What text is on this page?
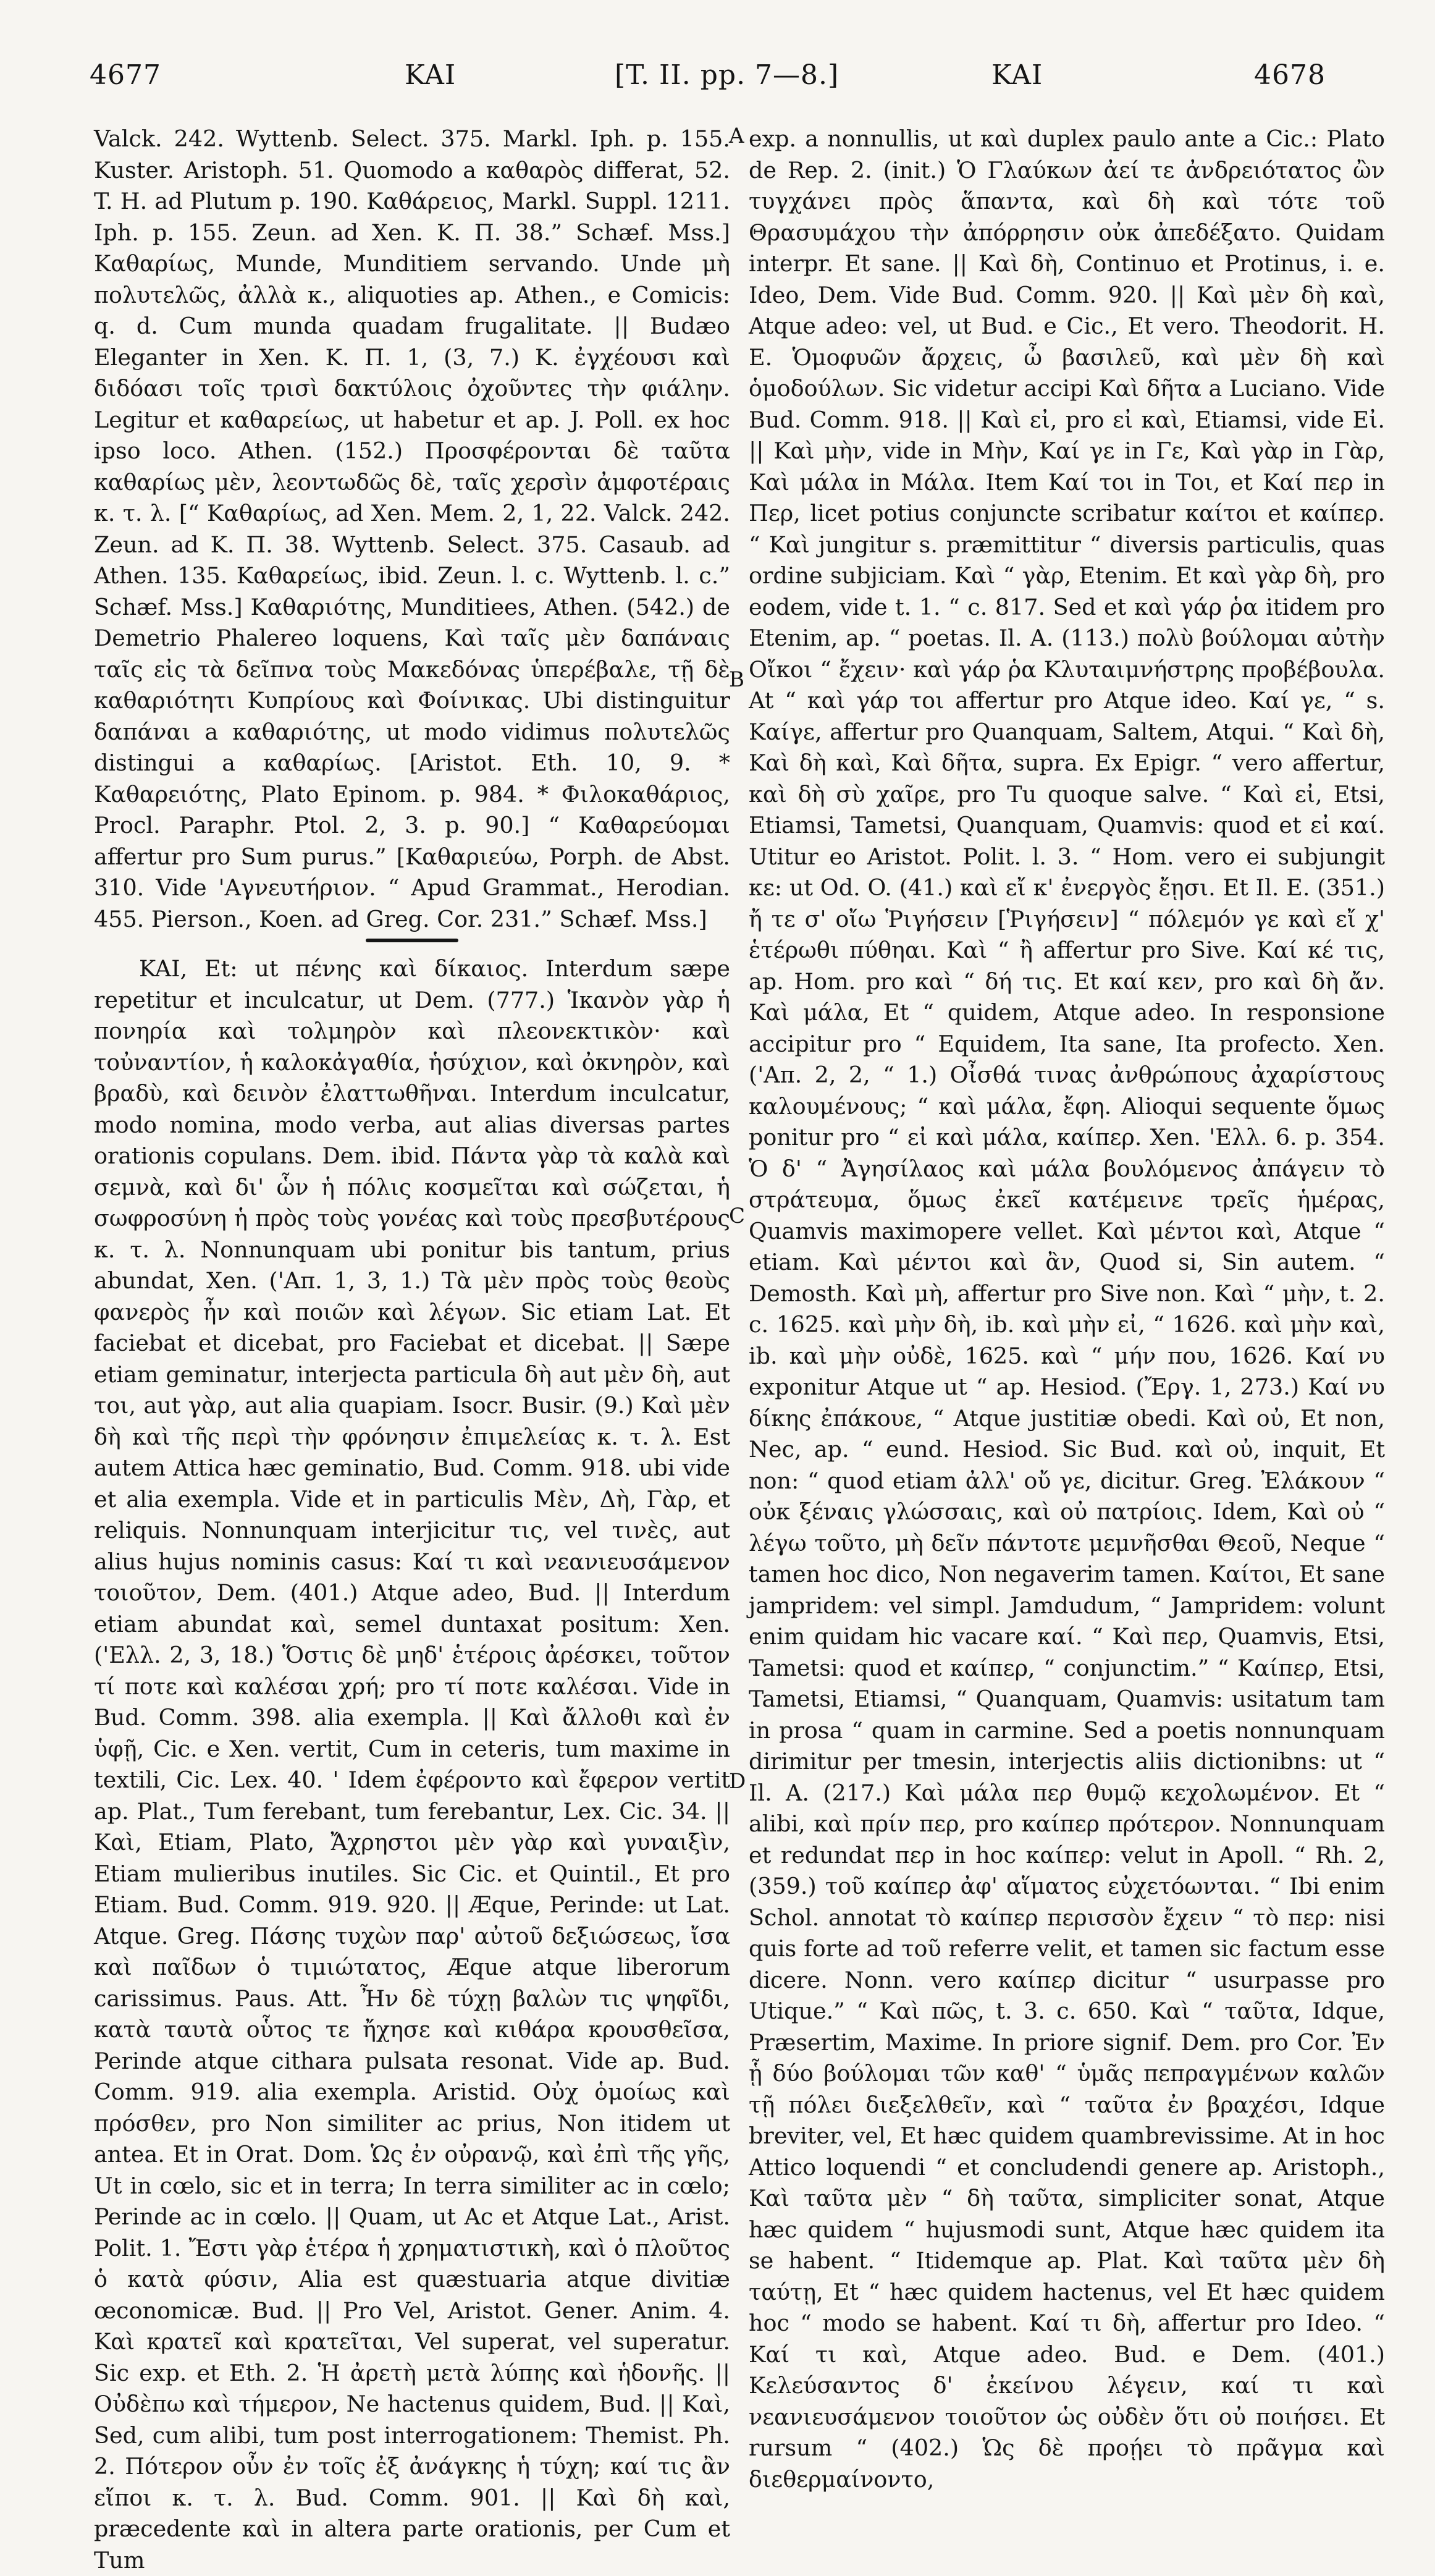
4677	KAI	[T. II. pp. 7—8.]	KAI	4678

Valck. 242. Wyttenb. Select. 375. Markl. Iph. p. 155. Kuster. Aristoph. 51. Quomodo a καθαρὸς differat, 52. T. H. ad Plutum p. 190. Καθάρειος, Markl. Suppl. 1211. Iph. p. 155. Zeun. ad Xen. K. Π. 38.” Schæf. Mss.] Καθαρίως, Munde, Munditiem servando. Unde μὴ πολυτελῶς, ἀλλὰ κ., aliquoties ap. Athen., e Comicis: q. d. Cum munda quadam frugalitate. || Budæo Eleganter in Xen. K. Π. 1, (3, 7.) K. ἐγχέουσι καὶ διδόασι τοῖς τρισὶ δακτύλοις ὀχοῦντες τὴν φιάλην. Legitur et καθαρείως, ut habetur et ap. J. Poll. ex hoc ipso loco. Athen. (152.) Προσφέρονται δὲ ταῦτα καθαρίως μὲν, λεοντωδῶς δὲ, ταῖς χερσὶν ἀμφοτέραις κ. τ. λ. [“ Καθαρίως, ad Xen. Mem. 2, 1, 22. Valck. 242. Zeun. ad K. Π. 38. Wyttenb. Select. 375. Casaub. ad Athen. 135. Καθαρείως, ibid. Zeun. l. c. Wyttenb. l. c.” Schæf. Mss.] Καθαριότης, Munditiees, Athen. (542.) de Demetrio Phalereo loquens, Καὶ ταῖς μὲν δαπάναις ταῖς εἰς τὰ δεῖπνα τοὺς Μακεδόνας ὑπερέβαλε, τῇ δὲ καθαριότητι Κυπρίους καὶ Φοίνικας. Ubi distinguitur δαπάναι a καθαριότης, ut modo vidimus πολυτελῶς distingui a καθαρίως. [Aristot. Eth. 10, 9. * Καθαρειότης, Plato Epinom. p. 984. * Φιλοκαθάριος, Procl. Paraphr. Ptol. 2, 3. p. 90.] “ Καθαρεύομαι affertur pro Sum purus.” [Καθαριεύω, Porph. de Abst. 310. Vide 'Αγνευτήριον. “ Apud Grammat., Herodian. 455. Pierson., Koen. ad Greg. Cor. 231.” Schæf. Mss.]

KAI, Et: ut πένης καὶ δίκαιος. Interdum sæpe repetitur et inculcatur, ut Dem. (777.) Ἱκανὸν γὰρ ἡ πονηρία καὶ τολμηρὸν καὶ πλεονεκτικὸν· καὶ τοὐναντίον, ἡ καλοκἀγαθία, ἡσύχιον, καὶ ὀκνηρὸν, καὶ βραδὺ, καὶ δεινὸν ἐλαττωθῆναι. Interdum inculcatur, modo nomina, modo verba, aut alias diversas partes orationis copulans. Dem. ibid. Πάντα γὰρ τὰ καλὰ καὶ σεμνὰ, καὶ δι' ὧν ἡ πόλις κοσμεῖται καὶ σώζεται, ἡ σωφροσύνη ἡ πρὸς τοὺς γονέας καὶ τοὺς πρεσβυτέρους κ. τ. λ. Nonnunquam ubi ponitur bis tantum, prius abundat, Xen. ('Aπ. 1, 3, 1.) Τὰ μὲν πρὸς τοὺς θεοὺς φανερὸς ἦν καὶ ποιῶν καὶ λέγων. Sic etiam Lat. Et faciebat et dicebat, pro Faciebat et dicebat. || Sæpe etiam geminatur, interjecta particula δὴ aut μὲν δὴ, aut τοι, aut γὰρ, aut alia quapiam. Isocr. Busir. (9.) Καὶ μὲν δὴ καὶ τῆς περὶ τὴν φρόνησιν ἐπιμελείας κ. τ. λ. Est autem Attica hæc geminatio, Bud. Comm. 918. ubi vide et alia exempla. Vide et in particulis Μὲν, Δὴ, Γὰρ, et reliquis. Nonnunquam interjicitur τις, vel τινὲς, aut alius hujus nominis casus: Καί τι καὶ νεανιευσάμενον τοιοῦτον, Dem. (401.) Atque adeo, Bud. || Interdum etiam abundat καὶ, semel duntaxat positum: Xen. ('Eλλ. 2, 3, 18.) Ὅστις δὲ μηδ' ἑτέροις ἀρέσκει, τοῦτον τί ποτε καὶ καλέσαι χρή; pro τί ποτε καλέσαι. Vide in Bud. Comm. 398. alia exempla. || Καὶ ἄλλοθι καὶ ἐν ὑφῇ, Cic. e Xen. vertit, Cum in ceteris, tum maxime in textili, Cic. Lex. 40. ' Idem ἐφέροντο καὶ ἔφερον vertit ap. Plat., Tum ferebant, tum ferebantur, Lex. Cic. 34. || Καὶ, Etiam, Plato, Ἄχρηστοι μὲν γὰρ καὶ γυναιξὶν, Etiam mulieribus inutiles. Sic Cic. et Quintil., Et pro Etiam. Bud. Comm. 919. 920. || Æque, Perinde: ut Lat. Atque. Greg. Πάσης τυχὼν παρ' αὐτοῦ δεξιώσεως, ἴσα καὶ παῖδων ὁ τιμιώτατος, Æque atque liberorum carissimus. Paus. Att. Ἦν δὲ τύχῃ βαλὼν τις ψηφῖδι, κατὰ ταυτὰ οὗτος τε ἤχησε καὶ κιθάρα κρουσθεῖσα, Perinde atque cithara pulsata resonat. Vide ap. Bud. Comm. 919. alia exempla. Aristid. Οὐχ ὁμοίως καὶ πρόσθεν, pro Non similiter ac prius, Non itidem ut antea. Et in Orat. Dom. Ὡς ἐν οὐρανῷ, καὶ ἐπὶ τῆς γῆς, Ut in cœlo, sic et in terra; In terra similiter ac in cœlo; Perinde ac in cœlo. || Quam, ut Ac et Atque Lat., Arist. Polit. 1. Ἔστι γὰρ ἑτέρα ἡ χρηματιστικὴ, καὶ ὁ πλοῦτος ὁ κατὰ φύσιν, Alia est quæstuaria atque divitiæ œconomicæ. Bud. || Pro Vel, Aristot. Gener. Anim. 4. Καὶ κρατεῖ καὶ κρατεῖται, Vel superat, vel superatur. Sic exp. et Eth. 2. Ἡ ἀρετὴ μετὰ λύπης καὶ ἡδονῆς. || Οὐδὲπω καὶ τήμερον, Ne hactenus quidem, Bud. || Καὶ, Sed, cum alibi, tum post interrogationem: Themist. Ph. 2. Πότερον οὖν ἐν τοῖς ἐξ ἀνάγκης ἡ τύχη; καί τις ἂν εἴποι κ. τ. λ. Bud. Comm. 901. || Καὶ δὴ καὶ, præcedente καὶ in altera parte orationis, per Cum et Tum

A
B
C
D

exp. a nonnullis, ut καὶ duplex paulo ante a Cic.: Plato de Rep. 2. (init.) Ὁ Γλαύκων ἀεί τε ἀνδρειότατος ὢν τυγχάνει πρὸς ἅπαντα, καὶ δὴ καὶ τότε τοῦ Θρασυμάχου τὴν ἀπόρρησιν οὐκ ἀπεδέξατο. Quidam interpr. Et sane. || Καὶ δὴ, Continuo et Protinus, i. e. Ideo, Dem. Vide Bud. Comm. 920. || Καὶ μὲν δὴ καὶ, Atque adeo: vel, ut Bud. e Cic., Et vero. Theodorit. H. E. Ὁμοφυῶν ἄρχεις, ὦ βασιλεῦ, καὶ μὲν δὴ καὶ ὁμοδούλων. Sic videtur accipi Καὶ δῆτα a Luciano. Vide Bud. Comm. 918. || Καὶ εἰ, pro εἰ καὶ, Etiamsi, vide Εἰ. || Καὶ μὴν, vide in Μὴν, Καί γε in Γε, Καὶ γὰρ in Γὰρ, Καὶ μάλα in Μάλα. Item Καί τοι in Τοι, et Καί περ in Περ, licet potius conjuncte scribatur καίτοι et καίπερ. “ Καὶ jungitur s. præmittitur “ diversis particulis, quas ordine subjiciam. Καὶ “ γὰρ, Etenim. Et καὶ γὰρ δὴ, pro eodem, vide t. 1. “ c. 817. Sed et καὶ γάρ ῥα itidem pro Etenim, ap. “ poetas. Il. A. (113.) πολὺ βούλομαι αὐτὴν Οἴκοι “ ἔχειν· καὶ γάρ ῥα Κλυταιμνήστρης προβέβουλα. At “ καὶ γάρ τοι affertur pro Atque ideo. Καί γε, “ s. Καίγε, affertur pro Quanquam, Saltem, Atqui. “ Καὶ δὴ, Καὶ δὴ καὶ, Καὶ δῆτα, supra. Ex Epigr. “ vero affertur, καὶ δὴ σὺ χαῖρε, pro Tu quoque salve. “ Καὶ εἰ, Etsi, Etiamsi, Tametsi, Quanquam, Quamvis: quod et εἰ καί. Utitur eo Aristot. Polit. l. 3. “ Hom. vero ei subjungit κε: ut Od. O. (41.) καὶ εἴ κ' ἐνεργὸς ἔῃσι. Et Il. E. (351.) ἤ τε σ' οἴω Ῥιγήσειν [Ῥιγήσειν] “ πόλεμόν γε καὶ εἴ χ' ἑτέρωθι πύθηαι. Καὶ “ ἢ affertur pro Sive. Καί κέ τις, ap. Hom. pro καὶ “ δή τις. Et καί κεν, pro καὶ δὴ ἄν. Καὶ μάλα, Et “ quidem, Atque adeo. In responsione accipitur pro “ Equidem, Ita sane, Ita profecto. Xen. ('Aπ. 2, 2, “ 1.) Οἶσθά τινας ἀνθρώπους ἀχαρίστους καλουμένους; “ καὶ μάλα, ἔφη. Alioqui sequente ὅμως ponitur pro “ εἰ καὶ μάλα, καίπερ. Xen. 'Eλλ. 6. p. 354. Ὁ δ' “ Ἀγησίλαος καὶ μάλα βουλόμενος ἀπάγειν τὸ στράτευμα, ὅμως ἐκεῖ κατέμεινε τρεῖς ἡμέρας, Quamvis maximopere vellet. Καὶ μέντοι καὶ, Atque “ etiam. Καὶ μέντοι καὶ ἂν, Quod si, Sin autem. “ Demosth. Καὶ μὴ, affertur pro Sive non. Καὶ “ μὴν, t. 2. c. 1625. καὶ μὴν δὴ, ib. καὶ μὴν εἰ, “ 1626. καὶ μὴν καὶ, ib. καὶ μὴν οὐδὲ, 1625. καὶ “ μήν που, 1626. Καί νυ exponitur Atque ut “ ap. Hesiod. (Ἔργ. 1, 273.) Καί νυ δίκης ἐπάκουε, “ Atque justitiæ obedi. Καὶ οὐ, Et non, Nec, ap. “ eund. Hesiod. Sic Bud. καὶ οὐ, inquit, Et non: “ quod etiam ἀλλ' οὔ γε, dicitur. Greg. Ἐλάκουν “ οὐκ ξέναις γλώσσαις, καὶ οὐ πατρίοις. Idem, Καὶ οὐ “ λέγω τοῦτο, μὴ δεῖν πάντοτε μεμνῆσθαι Θεοῦ, Neque “ tamen hoc dico, Non negaverim tamen. Καίτοι, Et sane jampridem: vel simpl. Jamdudum, “ Jampridem: volunt enim quidam hic vacare καί. “ Καὶ περ, Quamvis, Etsi, Tametsi: quod et καίπερ, “ conjunctim.” “ Καίπερ, Etsi, Tametsi, Etiamsi, “ Quanquam, Quamvis: usitatum tam in prosa “ quam in carmine. Sed a poetis nonnunquam dirimitur per tmesin, interjectis aliis dictionibns: ut “ Il. A. (217.) Καὶ μάλα περ θυμῷ κεχολωμένον. Et “ alibi, καὶ πρίν περ, pro καίπερ πρότερον. Nonnunquam et redundat περ in hoc καίπερ: velut in Apoll. “ Rh. 2, (359.) τοῦ καίπερ ἀφ' αἵματος εὐχετόωνται. “ Ibi enim Schol. annotat τὸ καίπερ περισσὸν ἔχειν “ τὸ περ: nisi quis forte ad τοῦ referre velit, et tamen sic factum esse dicere. Nonn. vero καίπερ dicitur “ usurpasse pro Utique.” “ Καὶ πῶς, t. 3. c. 650. Καὶ “ ταῦτα, Idque, Præsertim, Maxime. In priore signif. Dem. pro Cor. Ἐν ᾗ δύο βούλομαι τῶν καθ' “ ὑμᾶς πεπραγμένων καλῶν τῇ πόλει διεξελθεῖν, καὶ “ ταῦτα ἐν βραχέσι, Idque breviter, vel, Et hæc quidem quambrevissime. At in hoc Attico loquendi “ et concludendi genere ap. Aristoph., Καὶ ταῦτα μὲν “ δὴ ταῦτα, simpliciter sonat, Atque hæc quidem “ hujusmodi sunt, Atque hæc quidem ita se habent. “ Itidemque ap. Plat. Καὶ ταῦτα μὲν δὴ ταύτῃ, Et “ hæc quidem hactenus, vel Et hæc quidem hoc “ modo se habent. Καί τι δὴ, affertur pro Ideo. “ Καί τι καὶ, Atque adeo. Bud. e Dem. (401.) Κελεύσαντος δ' ἐκείνου λέγειν, καί τι καὶ νεανιευσάμενον τοιοῦτον ὡς οὐδὲν ὅτι οὐ ποιήσει. Et rursum “ (402.) Ὡς δὲ προῄει τὸ πρᾶγμα καὶ διεθερμαίνοντο,
